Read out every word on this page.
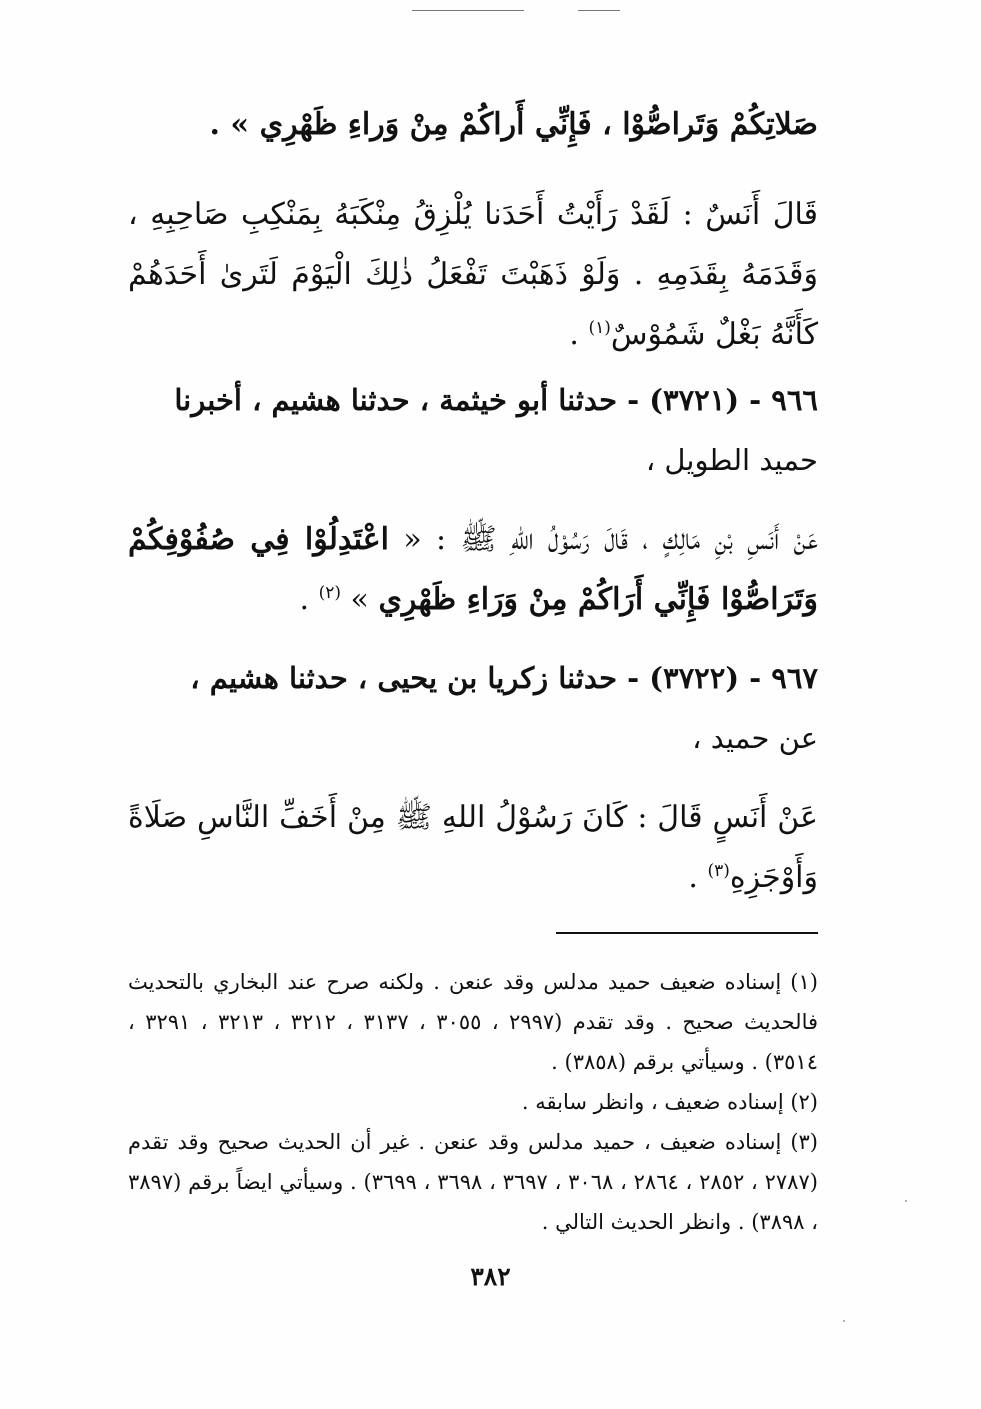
صَلاتِكُمْ وَتَراصُّوْا ، فَإِنِّي أَراكُمْ مِنْ وَراءِ ظَهْرِي » .

قَالَ أَنَسٌ : لَقَدْ رَأَيْتُ أَحَدَنا يُلْزِقُ مِنْكَبَهُ بِمَنْكِبِ صَاحِبِهِ ، وَقَدَمَهُ بِقَدَمِهِ . وَلَوْ ذَهَبْتَ تَفْعَلُ ذٰلِكَ الْيَوْمَ لَتَرىٰ أَحَدَهُمْ كَأَنَّهُ بَغْلٌ شَمُوْسٌ$^{(١)}$ .

٩٦٦ - (٣٧٢١) - حدثنا أبو خيثمة ، حدثنا هشيم ، أخبرنا

حميد الطويل ،

عَنْ أَنَسِ بْنِ مَالِكٍ ، قَالَ رَسُوْلُ اللهِ ﷺ : « اعْتَدِلُوْا فِي صُفُوْفِكُمْ وَتَرَاصُّوْا فَإِنِّي أَرَاكُمْ مِنْ وَرَاءِ ظَهْرِي » $^{(٢)}$ .

٩٦٧ - (٣٧٢٢) - حدثنا زكريا بن يحيى ، حدثنا هشيم ،

عن حميد ،

عَنْ أَنَسٍ قَالَ : كَانَ رَسُوْلُ اللهِ ﷺ مِنْ أَخَفِّ النَّاسِ صَلَاةً وَأَوْجَزِهِ$^{(٣)}$ .

(١) إسناده ضعيف حميد مدلس وقد عنعن . ولكنه صرح عند البخاري بالتحديث فالحديث صحيح . وقد تقدم (٢٩٩٧ ، ٣٠٥٥ ، ٣١٣٧ ، ٣٢١٢ ، ٣٢١٣ ، ٣٢٩١ ، ٣٥١٤) . وسيأتي برقم (٣٨٥٨) .

(٢) إسناده ضعيف ، وانظر سابقه .

(٣) إسناده ضعيف ، حميد مدلس وقد عنعن . غير أن الحديث صحيح وقد تقدم (٢٧٨٧ ، ٢٨٥٢ ، ٢٨٦٤ ، ٣٠٦٨ ، ٣٦٩٧ ، ٣٦٩٨ ، ٣٦٩٩) . وسيأتي ايضاً برقم (٣٨٩٧ ، ٣٨٩٨) . وانظر الحديث التالي .

٣٨٢
